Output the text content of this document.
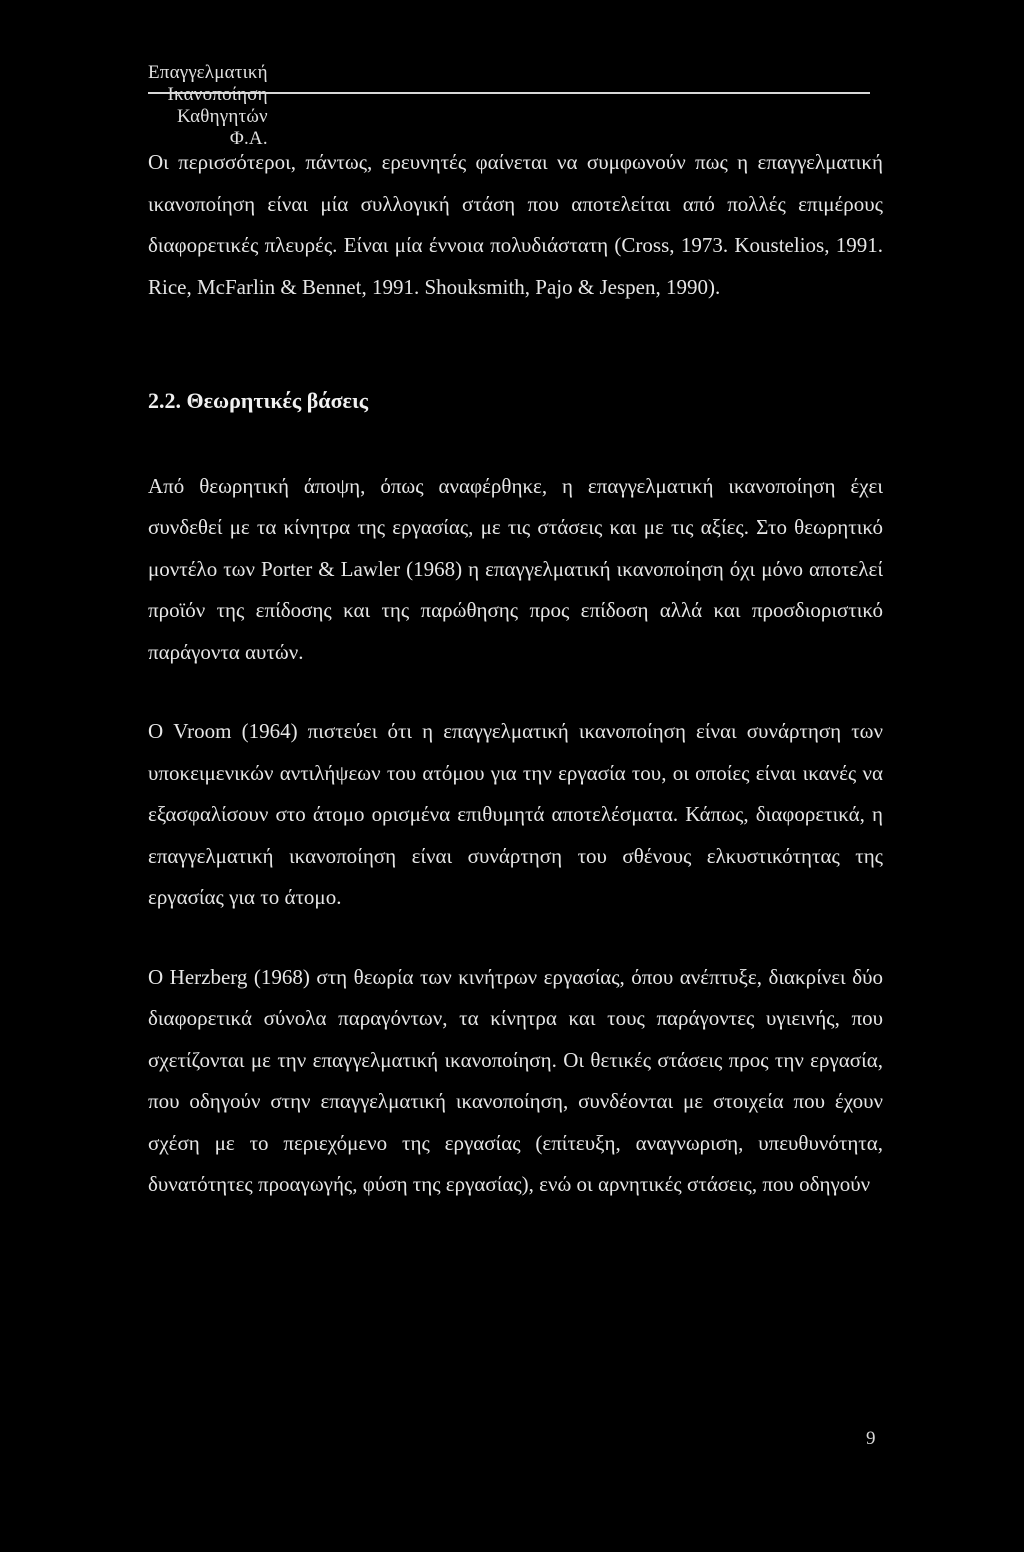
Επαγγελματική Ικανοποίηση Καθηγητών Φ.Α.

Οι περισσότεροι, πάντως, ερευνητές φαίνεται να συμφωνούν πως η επαγγελματική ικανοποίηση είναι μία συλλογική στάση που αποτελείται από πολλές επιμέρους διαφορετικές πλευρές. Είναι μία έννοια πολυδιάστατη (Cross, 1973. Koustelios, 1991. Rice, McFarlin & Bennet, 1991. Shouksmith, Pajo & Jespen, 1990).

2.2. Θεωρητικές βάσεις

Από θεωρητική άποψη, όπως αναφέρθηκε, η επαγγελματική ικανοποίηση έχει συνδεθεί με τα κίνητρα της εργασίας, με τις στάσεις και με τις αξίες. Στο θεωρητικό μοντέλο των Porter & Lawler (1968) η επαγγελματική ικανοποίηση όχι μόνο αποτελεί προϊόν της επίδοσης και της παρώθησης προς επίδοση αλλά και προσδιοριστικό παράγοντα αυτών.

Ο Vroom (1964) πιστεύει ότι η επαγγελματική ικανοποίηση είναι συνάρτηση των υποκειμενικών αντιλήψεων του ατόμου για την εργασία του, οι οποίες είναι ικανές να εξασφαλίσουν στο άτομο ορισμένα επιθυμητά αποτελέσματα. Κάπως, διαφορετικά, η επαγγελματική ικανοποίηση είναι συνάρτηση του σθένους ελκυστικότητας της εργασίας για το άτομο.

Ο Herzberg (1968) στη θεωρία των κινήτρων εργασίας, όπου ανέπτυξε, διακρίνει δύο διαφορετικά σύνολα παραγόντων, τα κίνητρα και τους παράγοντες υγιεινής, που σχετίζονται με την επαγγελματική ικανοποίηση. Οι θετικές στάσεις προς την εργασία, που οδηγούν στην επαγγελματική ικανοποίηση, συνδέονται με στοιχεία που έχουν σχέση με το περιεχόμενο της εργασίας (επίτευξη, αναγνωριση, υπευθυνότητα, δυνατότητες προαγωγής, φύση της εργασίας), ενώ οι αρνητικές στάσεις, που οδηγούν

9
